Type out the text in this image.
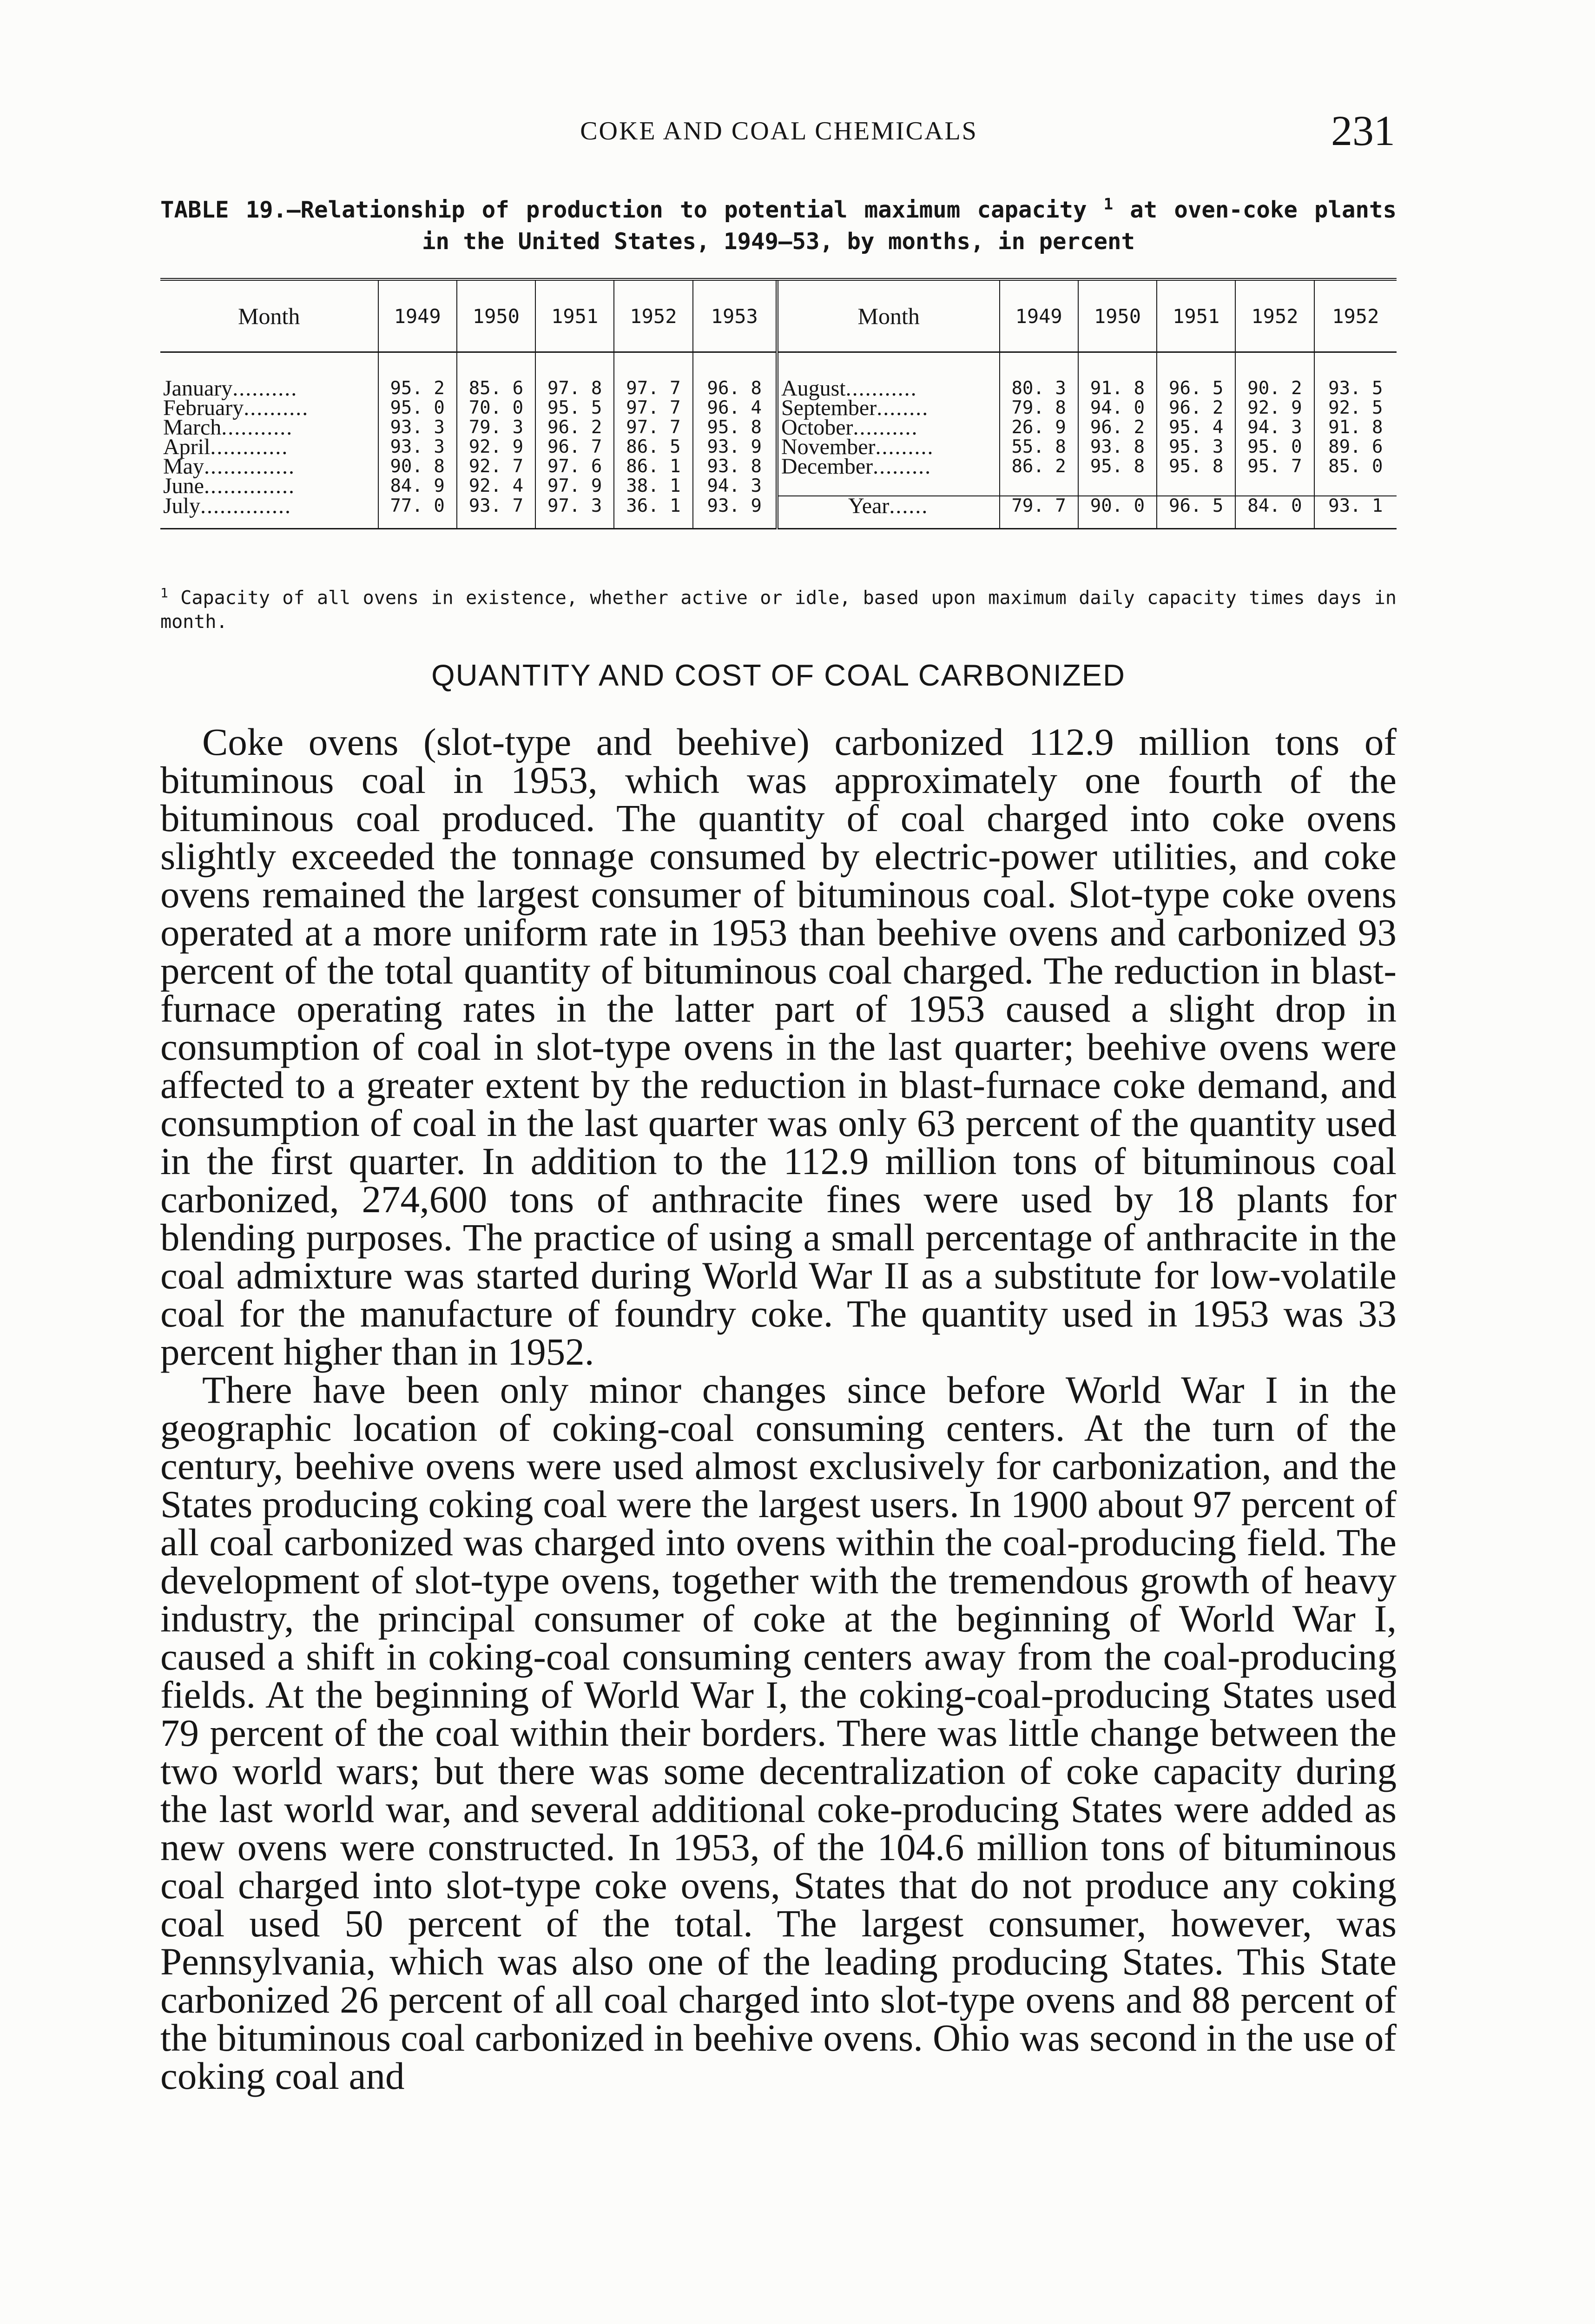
COKE AND COAL CHEMICALS	231
TABLE 19.—Relationship of production to potential maximum capacity $^1$ at oven-coke plants in the United States, 1949–53, by months, in percent
Month	1949	1950	1951	1952	1953	Month	1949	1950	1951	1952	1952
January..........	95. 2	85. 6	97. 8	97. 7	96. 8	August...........	80. 3	91. 8	96. 5	90. 2	93. 5
February..........	95. 0	70. 0	95. 5	97. 7	96. 4	September........	79. 8	94. 0	96. 2	92. 9	92. 5
March...........	93. 3	79. 3	96. 2	97. 7	95. 8	October..........	26. 9	96. 2	95. 4	94. 3	91. 8
April............	93. 3	92. 9	96. 7	86. 5	93. 9	November.........	55. 8	93. 8	95. 3	95. 0	89. 6
May..............	90. 8	92. 7	97. 6	86. 1	93. 8	December.........	86. 2	95. 8	95. 8	95. 7	85. 0
June..............	84. 9	92. 4	97. 9	38. 1	94. 3						
July..............	77. 0	93. 7	97. 3	36. 1	93. 9	Year......	79. 7	90. 0	96. 5	84. 0	93. 1
$^1$ Capacity of all ovens in existence, whether active or idle, based upon maximum daily capacity times days in month.
QUANTITY AND COST OF COAL CARBONIZED

Coke ovens (slot-type and beehive) carbonized 112.9 million tons of bituminous coal in 1953, which was approximately one fourth of the bituminous coal produced. The quantity of coal charged into coke ovens slightly exceeded the tonnage consumed by electric-power utilities, and coke ovens remained the largest consumer of bituminous coal. Slot-type coke ovens operated at a more uniform rate in 1953 than beehive ovens and carbonized 93 percent of the total quantity of bituminous coal charged. The reduction in blast-furnace operating rates in the latter part of 1953 caused a slight drop in consumption of coal in slot-type ovens in the last quarter; beehive ovens were affected to a greater extent by the reduction in blast-furnace coke demand, and consumption of coal in the last quarter was only 63 percent of the quantity used in the first quarter. In addition to the 112.9 million tons of bituminous coal carbonized, 274,600 tons of anthracite fines were used by 18 plants for blending purposes. The practice of using a small percentage of anthracite in the coal admixture was started during World War II as a substitute for low-volatile coal for the manufacture of foundry coke. The quantity used in 1953 was 33 percent higher than in 1952.

There have been only minor changes since before World War I in the geographic location of coking-coal consuming centers. At the turn of the century, beehive ovens were used almost exclusively for carbonization, and the States producing coking coal were the largest users. In 1900 about 97 percent of all coal carbonized was charged into ovens within the coal-producing field. The development of slot-type ovens, together with the tremendous growth of heavy industry, the principal consumer of coke at the beginning of World War I, caused a shift in coking-coal consuming centers away from the coal-producing fields. At the beginning of World War I, the coking-coal-producing States used 79 percent of the coal within their borders. There was little change between the two world wars; but there was some decentralization of coke capacity during the last world war, and several additional coke-producing States were added as new ovens were constructed. In 1953, of the 104.6 million tons of bituminous coal charged into slot-type coke ovens, States that do not produce any coking coal used 50 percent of the total. The largest consumer, however, was Pennsylvania, which was also one of the leading producing States. This State carbonized 26 percent of all coal charged into slot-type ovens and 88 percent of the bituminous coal carbonized in beehive ovens. Ohio was second in the use of coking coal and
